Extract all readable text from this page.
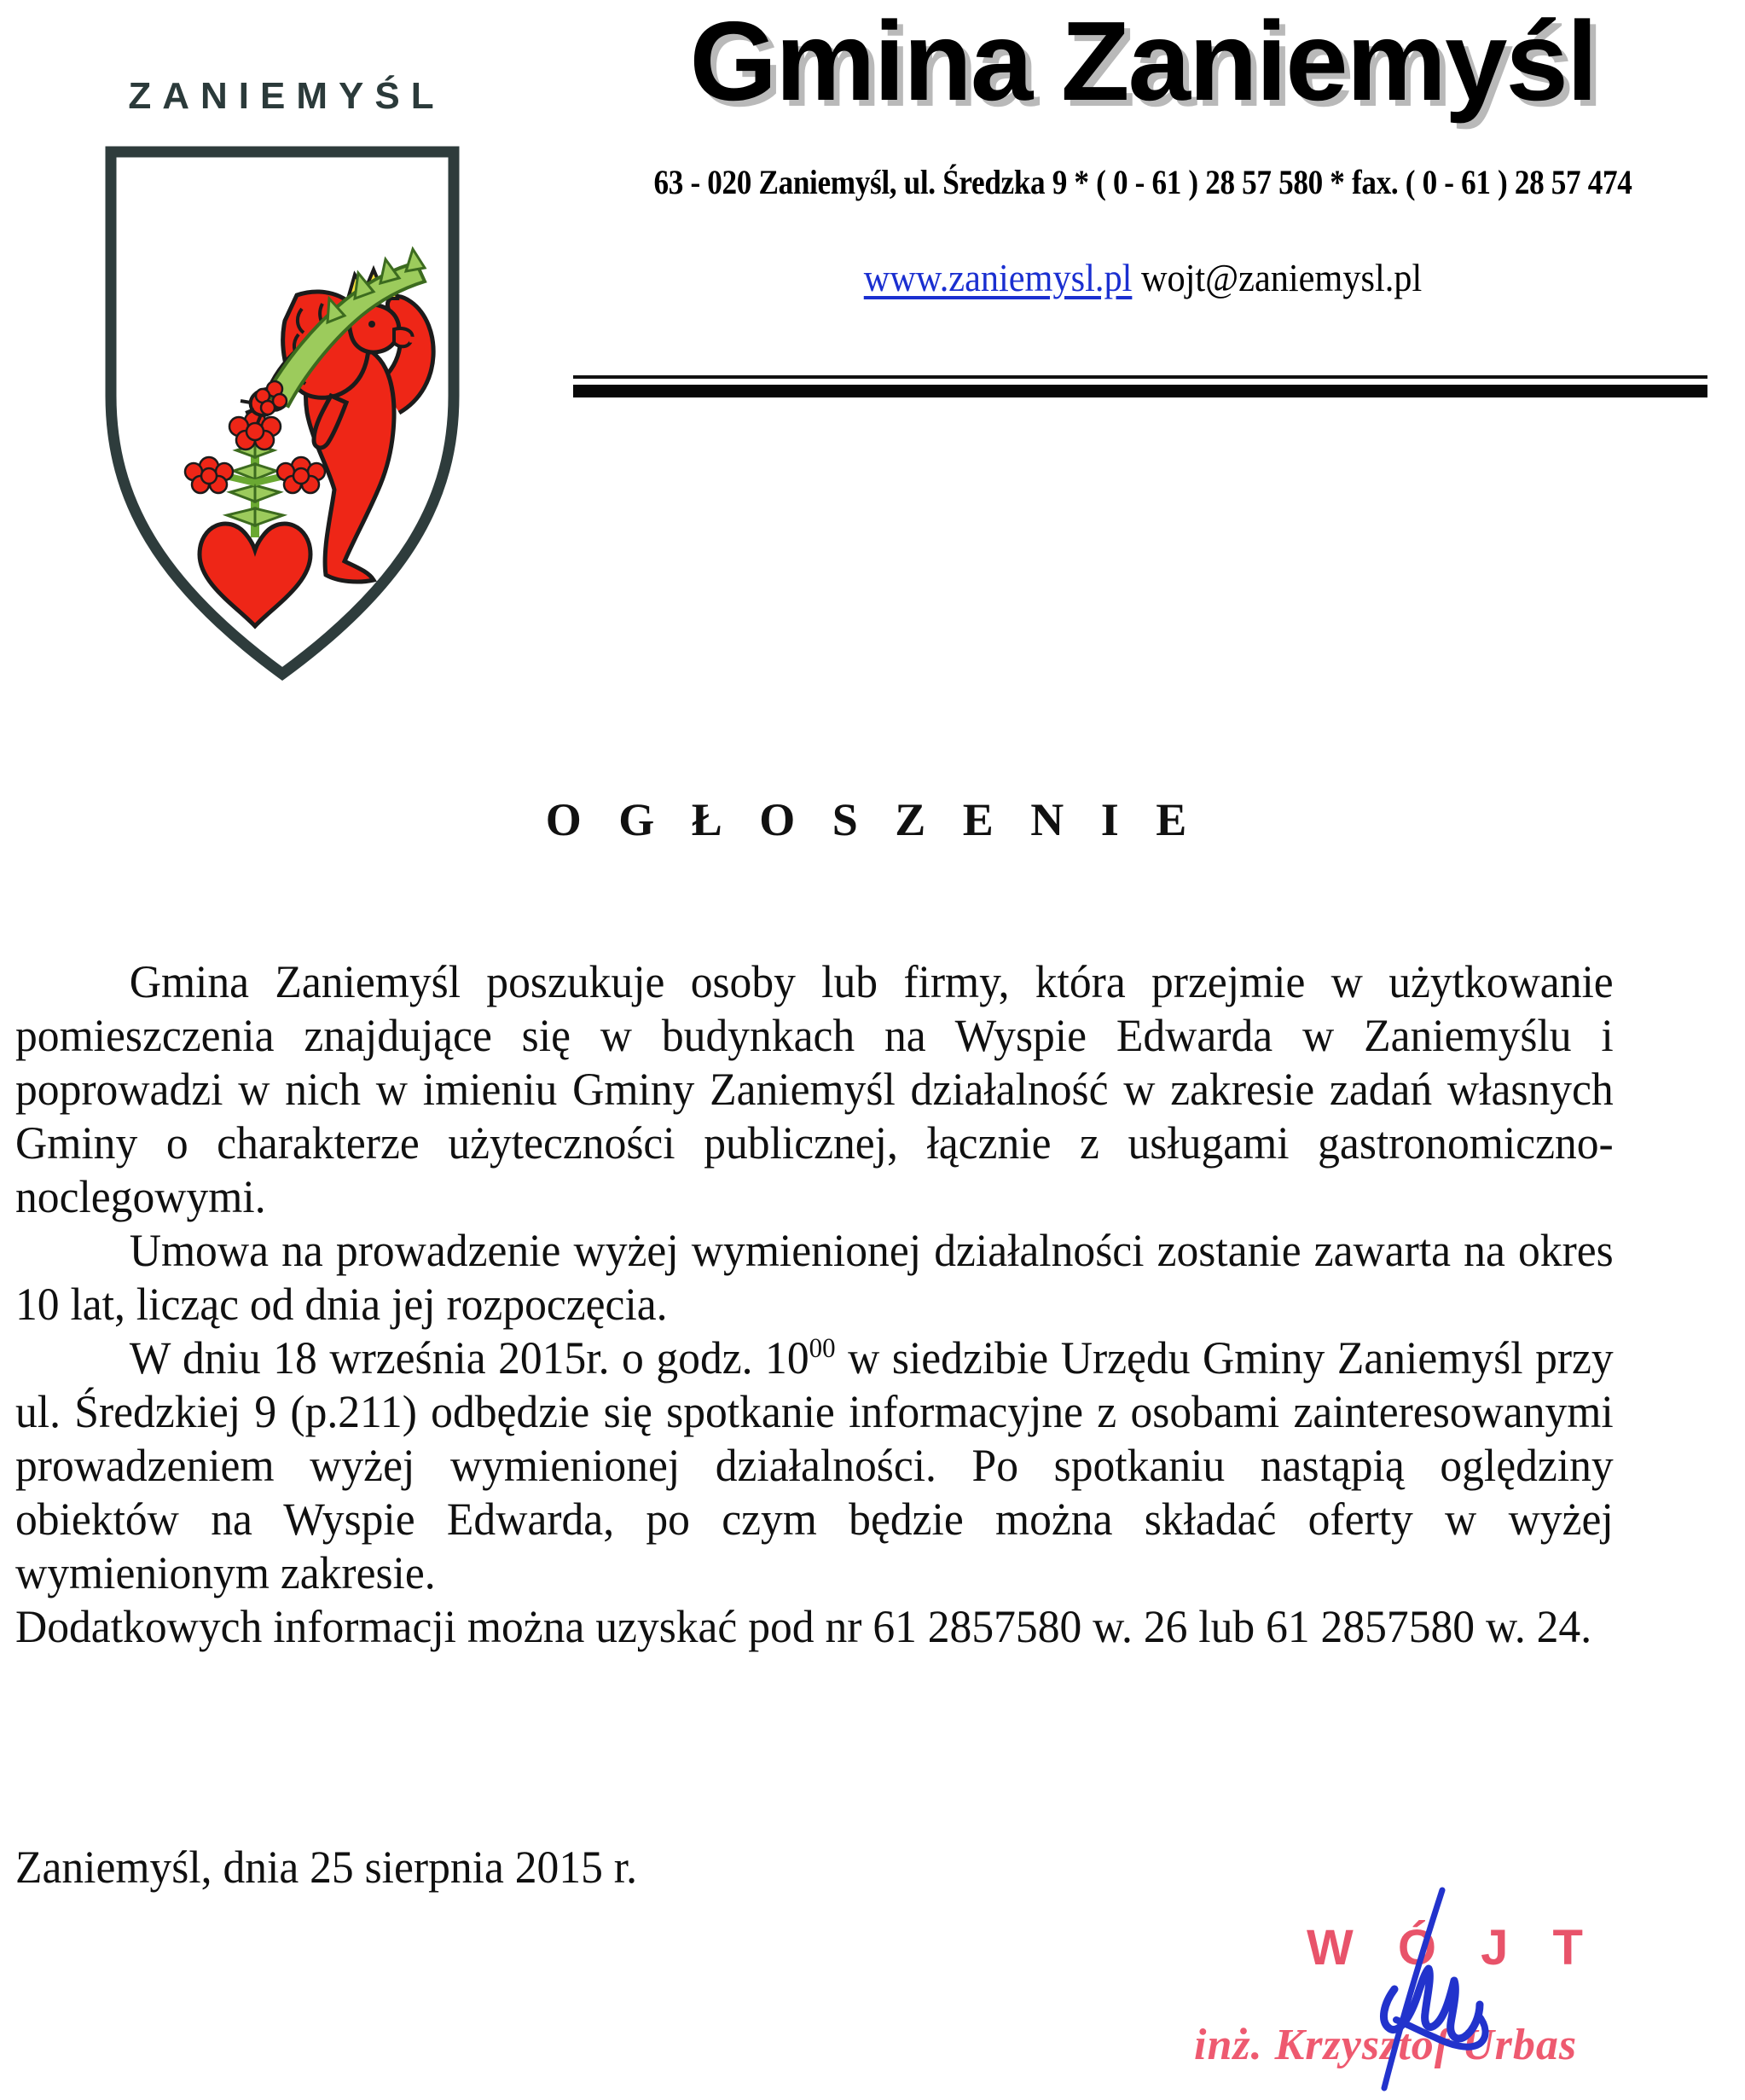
ZANIEMYŚL	Gmina Zaniemyśl
63 - 020 Zaniemyśl, ul. Średzka 9 * ( 0 - 61 ) 28 57 580 * fax. ( 0 - 61 ) 28 57 474
www.zaniemysl.pl wojt@zaniemysl.pl
O G Ł O S Z E N I E

Gmina Zaniemyśl poszukuje osoby lub firmy, która przejmie w użytkowanie pomieszczenia znajdujące się w budynkach na Wyspie Edwarda w Zaniemyślu i poprowadzi w nich w imieniu Gminy Zaniemyśl działalność w zakresie zadań własnych Gminy o charakterze użyteczności publicznej, łącznie z usługami gastronomiczno-noclegowymi.

Umowa na prowadzenie wyżej wymienionej działalności zostanie zawarta na okres 10 lat, licząc od dnia jej rozpoczęcia.

W dniu 18 września 2015r. o godz. $10^{00}$ w siedzibie Urzędu Gminy Zaniemyśl przy ul. Średzkiej 9 (p.211) odbędzie się spotkanie informacyjne z osobami zainteresowanymi prowadzeniem wyżej wymienionej działalności. Po spotkaniu nastąpią oględziny obiektów na Wyspie Edwarda, po czym będzie można składać oferty w wyżej wymienionym zakresie.

Dodatkowych informacji można uzyskać pod nr 61 2857580 w. 26 lub 61 2857580 w. 24.

Zaniemyśl, dnia 25 sierpnia 2015 r.
W Ó J T
inż. Krzysztof Urbas
